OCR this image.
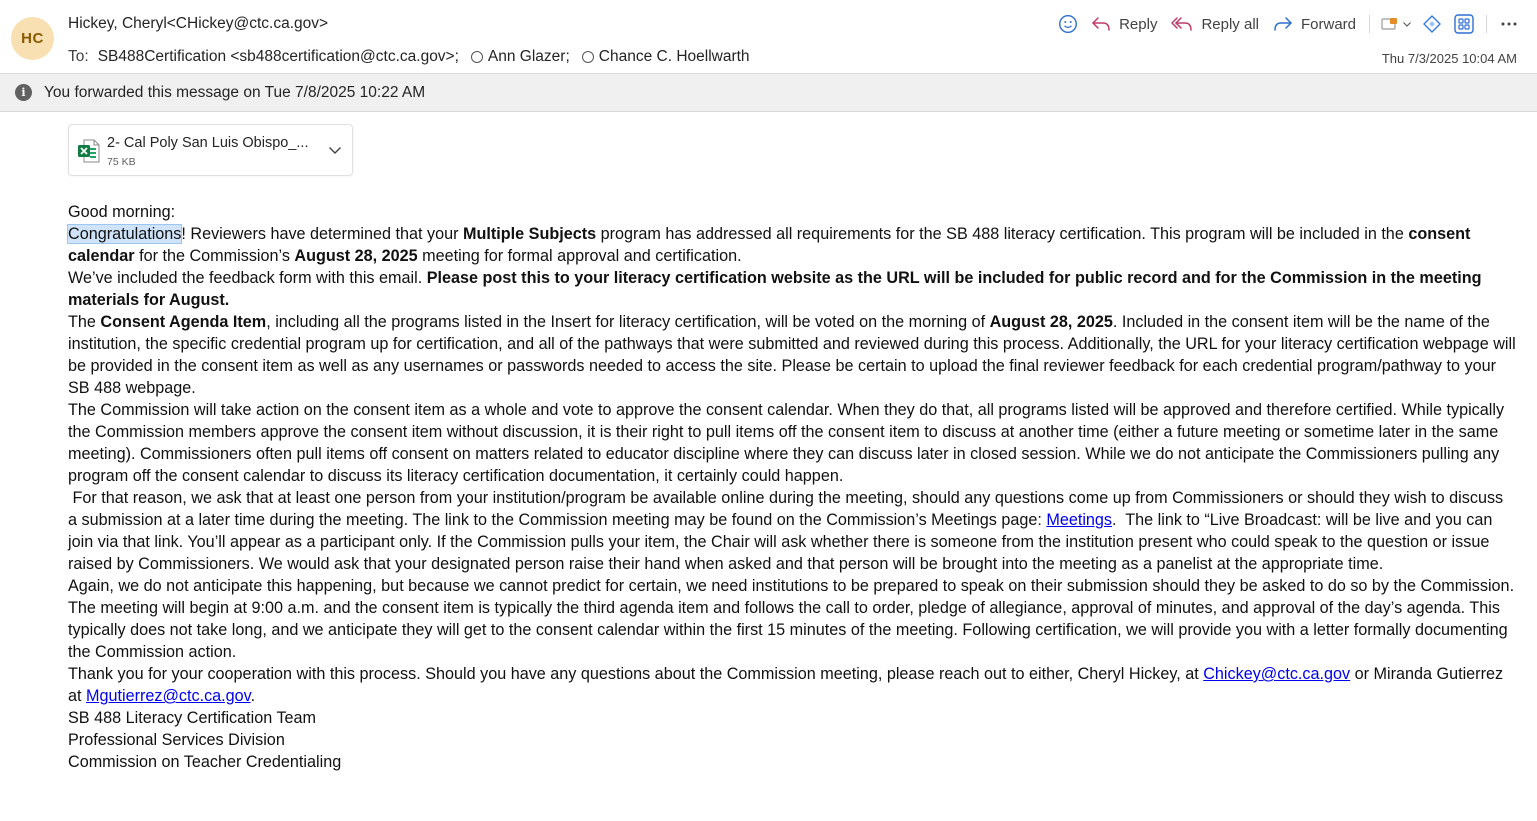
HC
Hickey, Cheryl<CHickey@ctc.ca.gov>
To: SB488Certification <sb488certification@ctc.ca.gov>; Ann Glazer; Chance C. Hoellwarth	Thu 7/3/2025 10:04 AM
Reply	Reply all	Forward
i	You forwarded this message on Tue 7/8/2025 10:22 AM
2- Cal Poly San Luis Obispo_...
75 KB

Good morning:

Congratulations! Reviewers have determined that your Multiple Subjects program has addressed all requirements for the SB 488 literacy certification. This program will be included in the consent calendar for the Commission’s August 28, 2025 meeting for formal approval and certification.

We’ve included the feedback form with this email. Please post this to your literacy certification website as the URL will be included for public record and for the Commission in the meeting materials for August.

The Consent Agenda Item, including all the programs listed in the Insert for literacy certification, will be voted on the morning of August 28, 2025. Included in the consent item will be the name of the institution, the specific credential program up for certification, and all of the pathways that were submitted and reviewed during this process. Additionally, the URL for your literacy certification webpage will be provided in the consent item as well as any usernames or passwords needed to access the site. Please be certain to upload the final reviewer feedback for each credential program/pathway to your SB 488 webpage.

The Commission will take action on the consent item as a whole and vote to approve the consent calendar. When they do that, all programs listed will be approved and therefore certified. While typically the Commission members approve the consent item without discussion, it is their right to pull items off the consent item to discuss at another time (either a future meeting or sometime later in the same meeting). Commissioners often pull items off consent on matters related to educator discipline where they can discuss later in closed session. While we do not anticipate the Commissioners pulling any program off the consent calendar to discuss its literacy certification documentation, it certainly could happen.

For that reason, we ask that at least one person from your institution/program be available online during the meeting, should any questions come up from Commissioners or should they wish to discuss a submission at a later time during the meeting. The link to the Commission meeting may be found on the Commission’s Meetings page: Meetings.  The link to “Live Broadcast: will be live and you can join via that link. You’ll appear as a participant only. If the Commission pulls your item, the Chair will ask whether there is someone from the institution present who could speak to the question or issue raised by Commissioners. We would ask that your designated person raise their hand when asked and that person will be brought into the meeting as a panelist at the appropriate time.

Again, we do not anticipate this happening, but because we cannot predict for certain, we need institutions to be prepared to speak on their submission should they be asked to do so by the Commission.

The meeting will begin at 9:00 a.m. and the consent item is typically the third agenda item and follows the call to order, pledge of allegiance, approval of minutes, and approval of the day’s agenda. This typically does not take long, and we anticipate they will get to the consent calendar within the first 15 minutes of the meeting. Following certification, we will provide you with a letter formally documenting the Commission action.

Thank you for your cooperation with this process. Should you have any questions about the Commission meeting, please reach out to either, Cheryl Hickey, at Chickey@ctc.ca.gov or Miranda Gutierrez at Mgutierrez@ctc.ca.gov.

SB 488 Literacy Certification Team

Professional Services Division

Commission on Teacher Credentialing
